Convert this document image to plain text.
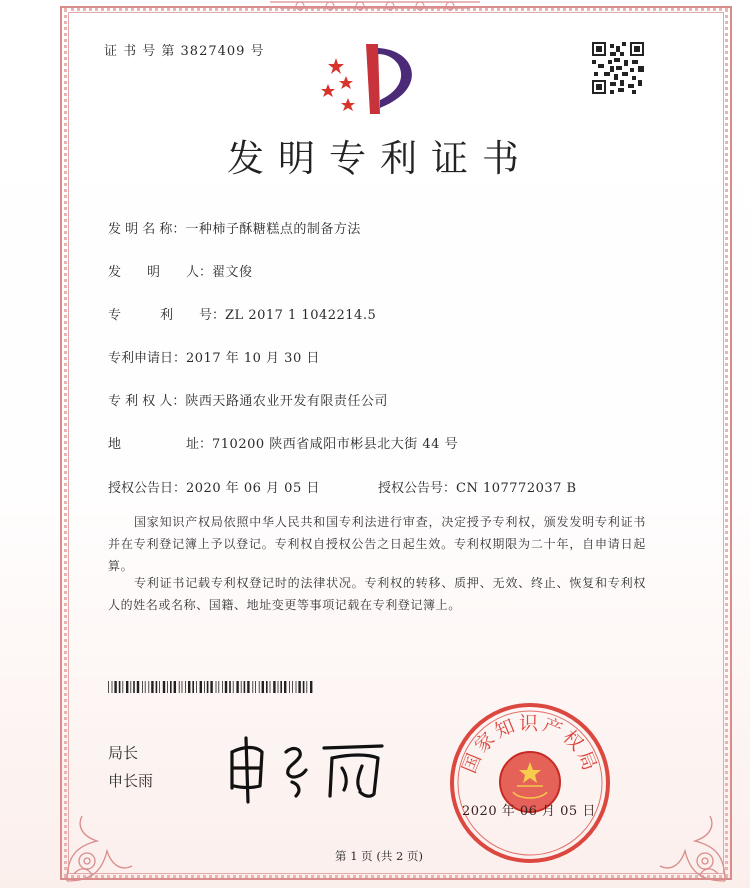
证 书 号 第 3827409 号
发明专利证书
发 明 名 称：一种柿子酥糖糕点的制备方法
发　　明　　人：翟文俊
专　　　利　　号：ZL 2017 1 1042214.5
专利申请日：2017 年 10 月 30 日
专 利 权 人：陕西天路通农业开发有限责任公司
地　　　　　址：710200 陕西省咸阳市彬县北大街 44 号
授权公告日：2020 年 06 月 05 日	授权公告号：CN 107772037 B
国家知识产权局依照中华人民共和国专利法进行审查，决定授予专利权，颁发发明专利证书并在专利登记簿上予以登记。专利权自授权公告之日起生效。专利权期限为二十年，自申请日起算。
专利证书记载专利权登记时的法律状况。专利权的转移、质押、无效、终止、恢复和专利权人的姓名或名称、国籍、地址变更等事项记载在专利登记簿上。
局长
申长雨
国家知识产权局
2020 年 06 月 05 日
第 1 页 (共 2 页)
